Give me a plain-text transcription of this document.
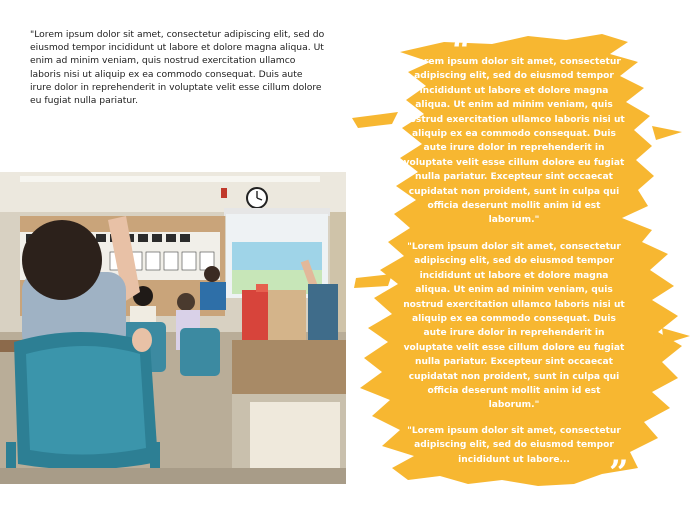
"Lorem ipsum dolor sit amet, consectetur adipiscing elit, sed do eiusmod tempor incididunt ut labore et dolore magna aliqua. Ut enim ad minim veniam, quis nostrud exercitation ullamco laboris nisi ut aliquip ex ea commodo consequat. Duis aute irure dolor in reprehenderit in voluptate velit esse cillum dolore eu fugiat nulla pariatur.

“

"Lorem ipsum dolor sit amet, consectetur adipiscing elit, sed do eiusmod tempor incididunt ut labore et dolore magna aliqua. Ut enim ad minim veniam, quis nostrud exercitation ullamco laboris nisi ut aliquip ex ea commodo consequat. Duis aute irure dolor in reprehenderit in voluptate velit esse cillum dolore eu fugiat nulla pariatur. Excepteur sint occaecat cupidatat non proident, sunt in culpa qui officia deserunt mollit anim id est laborum."

"Lorem ipsum dolor sit amet, consectetur adipiscing elit, sed do eiusmod tempor incididunt ut labore et dolore magna aliqua. Ut enim ad minim veniam, quis nostrud exercitation ullamco laboris nisi ut aliquip ex ea commodo consequat. Duis aute irure dolor in reprehenderit in voluptate velit esse cillum dolore eu fugiat nulla pariatur. Excepteur sint occaecat cupidatat non proident, sunt in culpa qui officia deserunt mollit anim id est laborum."

"Lorem ipsum dolor sit amet, consectetur adipiscing elit, sed do eiusmod tempor incididunt ut labore...	”
